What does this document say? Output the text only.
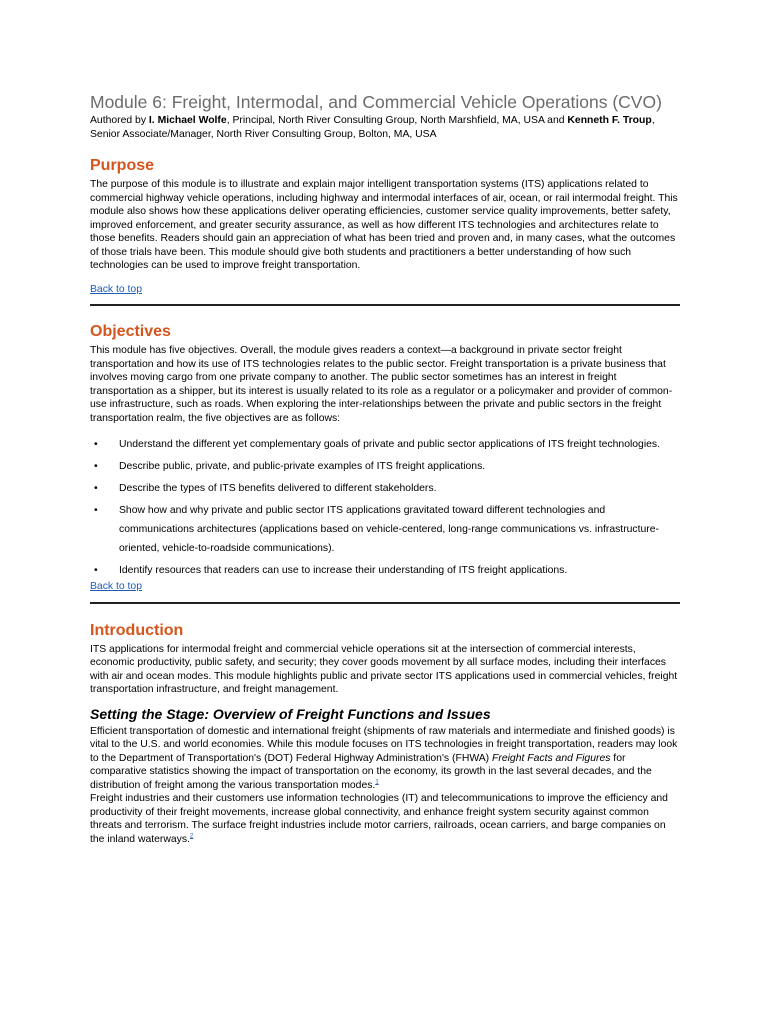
Module 6: Freight, Intermodal, and Commercial Vehicle Operations (CVO)

Authored by I. Michael Wolfe, Principal, North River Consulting Group, North Marshfield, MA, USA and Kenneth F. Troup, Senior Associate/Manager, North River Consulting Group, Bolton, MA, USA

Purpose

The purpose of this module is to illustrate and explain major intelligent transportation systems (ITS) applications related to commercial highway vehicle operations, including highway and intermodal interfaces of air, ocean, or rail intermodal freight. This module also shows how these applications deliver operating efficiencies, customer service quality improvements, better safety, improved enforcement, and greater security assurance, as well as how different ITS technologies and architectures relate to those benefits. Readers should gain an appreciation of what has been tried and proven and, in many cases, what the outcomes of those trials have been. This module should give both students and practitioners a better understanding of how such technologies can be used to improve freight transportation.

Back to top
Objectives

This module has five objectives. Overall, the module gives readers a context—a background in private sector freight transportation and how its use of ITS technologies relates to the public sector. Freight transportation is a private business that involves moving cargo from one private company to another. The public sector sometimes has an interest in freight transportation as a shipper, but its interest is usually related to its role as a regulator or a policymaker and provider of common-use infrastructure, such as roads. When exploring the inter-relationships between the private and public sectors in the freight transportation realm, the five objectives are as follows:

• Understand the different yet complementary goals of private and public sector applications of ITS freight technologies.
• Describe public, private, and public-private examples of ITS freight applications.
• Describe the types of ITS benefits delivered to different stakeholders.
• Show how and why private and public sector ITS applications gravitated toward different technologies and communications architectures (applications based on vehicle-centered, long-range communications vs. infrastructure-oriented, vehicle-to-roadside communications).
• Identify resources that readers can use to increase their understanding of ITS freight applications.
Back to top
Introduction

ITS applications for intermodal freight and commercial vehicle operations sit at the intersection of commercial interests, economic productivity, public safety, and security; they cover goods movement by all surface modes, including their interfaces with air and ocean modes. This module highlights public and private sector ITS applications used in commercial vehicles, freight transportation infrastructure, and freight management.

Setting the Stage: Overview of Freight Functions and Issues

Efficient transportation of domestic and international freight (shipments of raw materials and intermediate and finished goods) is vital to the U.S. and world economies. While this module focuses on ITS technologies in freight transportation, readers may look to the Department of Transportation's (DOT) Federal Highway Administration's (FHWA) Freight Facts and Figures for comparative statistics showing the impact of transportation on the economy, its growth in the last several decades, and the distribution of freight among the various transportation modes.$^1$

Freight industries and their customers use information technologies (IT) and telecommunications to improve the efficiency and productivity of their freight movements, increase global connectivity, and enhance freight system security against common threats and terrorism. The surface freight industries include motor carriers, railroads, ocean carriers, and barge companies on the inland waterways.$^2$
